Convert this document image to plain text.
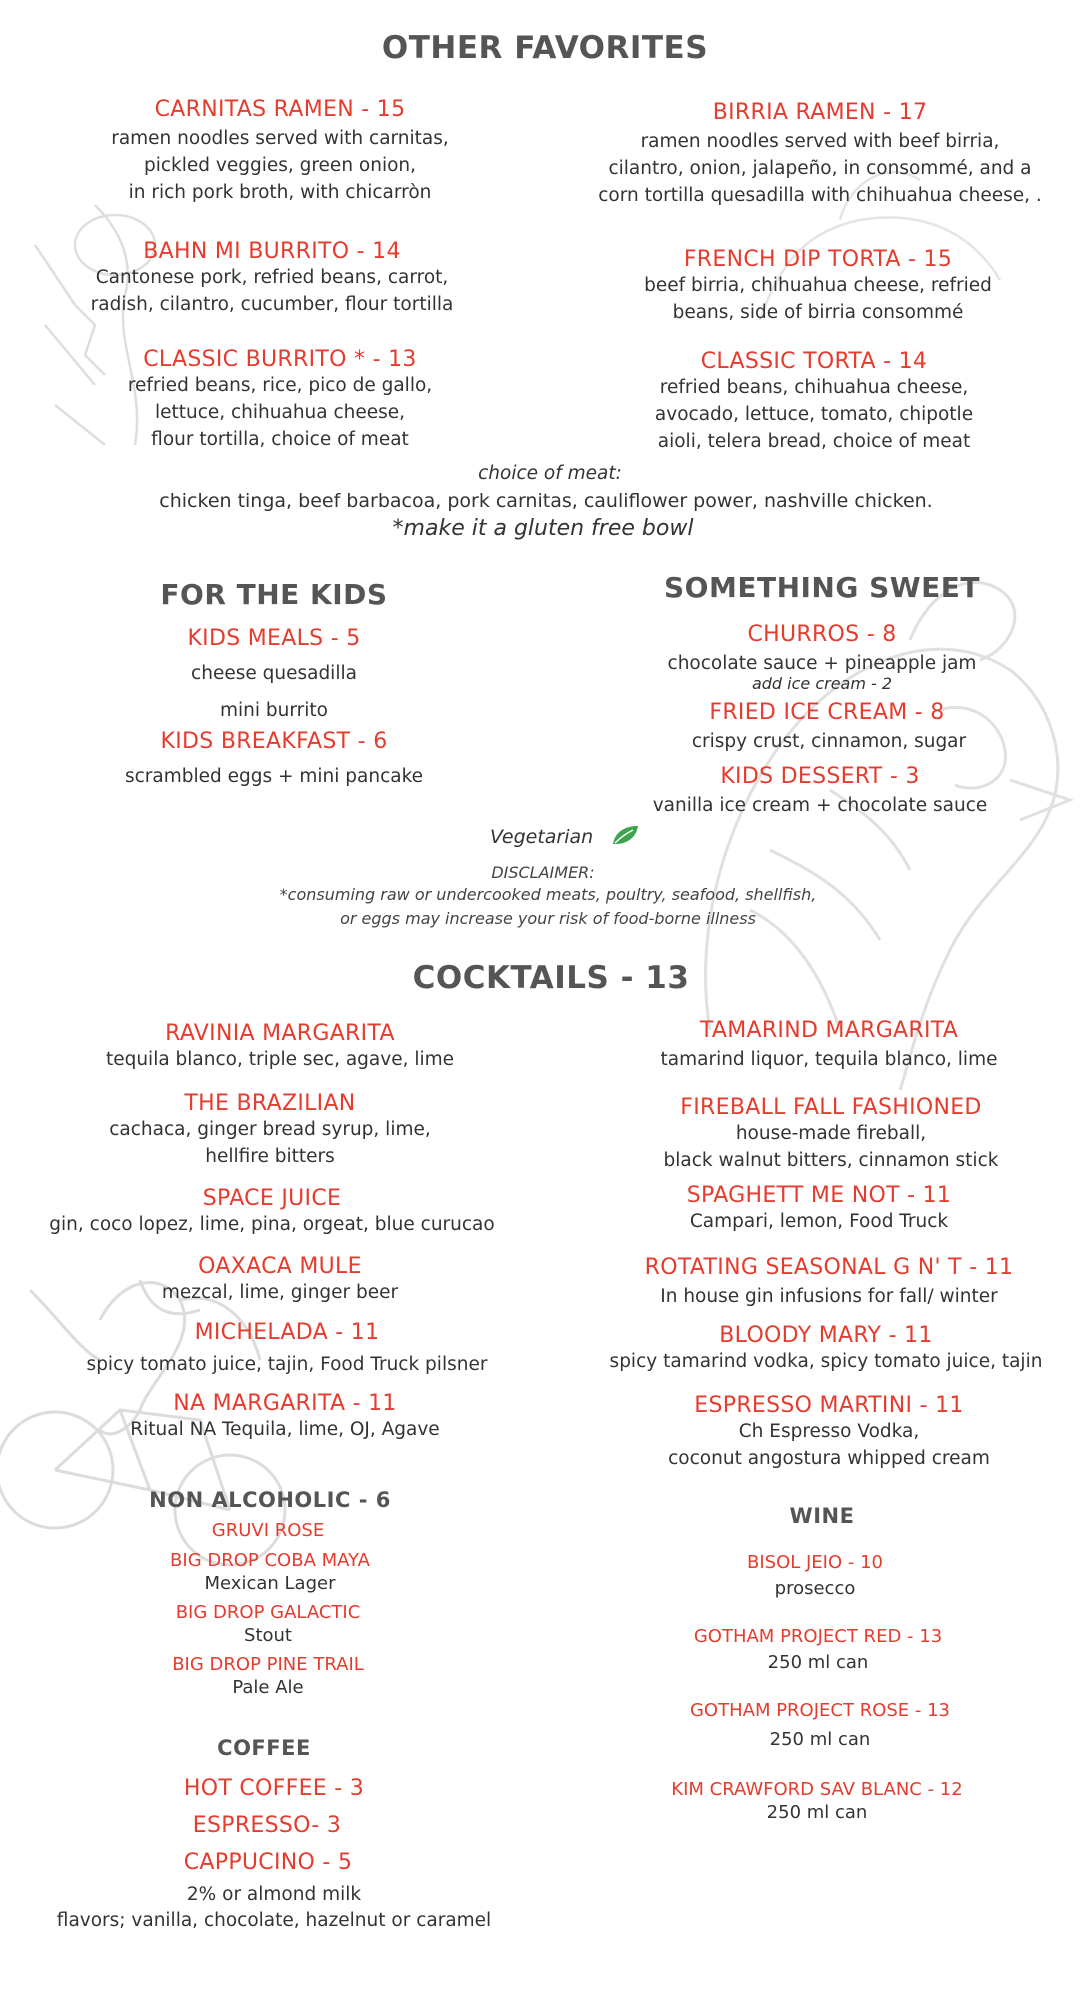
OTHER FAVORITES
CARNITAS RAMEN - 15
ramen noodles served with carnitas,
pickled veggies, green onion,
in rich pork broth, with chicarròn
BIRRIA RAMEN - 17
ramen noodles served with beef birria,
cilantro, onion, jalapeño, in consommé, and a
corn tortilla quesadilla with chihuahua cheese, .
BAHN MI BURRITO - 14
Cantonese pork, refried beans, carrot,
radish, cilantro, cucumber, flour tortilla
FRENCH DIP TORTA - 15
beef birria, chihuahua cheese, refried
beans, side of birria consommé
CLASSIC BURRITO * - 13
refried beans, rice, pico de gallo,
lettuce, chihuahua cheese,
flour tortilla, choice of meat
CLASSIC TORTA - 14
refried beans, chihuahua cheese,
avocado, lettuce, tomato, chipotle
aioli, telera bread, choice of meat
choice of meat:
chicken tinga, beef barbacoa, pork carnitas, cauliflower power, nashville chicken.
*make it a gluten free bowl
FOR THE KIDS
KIDS MEALS - 5
cheese quesadilla
mini burrito
KIDS BREAKFAST - 6
scrambled eggs + mini pancake
SOMETHING SWEET
CHURROS - 8
chocolate sauce + pineapple jam
add ice cream - 2
FRIED ICE CREAM - 8
crispy crust, cinnamon, sugar
KIDS DESSERT - 3
vanilla ice cream + chocolate sauce
Vegetarian
DISCLAIMER:
*consuming raw or undercooked meats, poultry, seafood, shellfish,
or eggs may increase your risk of food-borne illness
COCKTAILS - 13
RAVINIA MARGARITA
tequila blanco, triple sec, agave, lime
THE BRAZILIAN
cachaca, ginger bread syrup, lime,
hellfire bitters
SPACE JUICE
gin, coco lopez, lime, pina, orgeat, blue curucao
OAXACA MULE
mezcal, lime, ginger beer
MICHELADA - 11
spicy tomato juice, tajin, Food Truck pilsner
NA MARGARITA - 11
Ritual NA Tequila, lime, OJ, Agave
TAMARIND MARGARITA
tamarind liquor, tequila blanco, lime
FIREBALL FALL FASHIONED
house-made fireball,
black walnut bitters, cinnamon stick
SPAGHETT ME NOT - 11
Campari, lemon, Food Truck
ROTATING SEASONAL G N' T - 11
In house gin infusions for fall/ winter
BLOODY MARY - 11
spicy tamarind vodka, spicy tomato juice, tajin
ESPRESSO MARTINI - 11
Ch Espresso Vodka,
coconut angostura whipped cream
NON ALCOHOLIC - 6
GRUVI ROSE
BIG DROP COBA MAYA
Mexican Lager
BIG DROP GALACTIC
Stout
BIG DROP PINE TRAIL
Pale Ale
COFFEE
HOT COFFEE - 3
ESPRESSO- 3
CAPPUCINO - 5
2% or almond milk
flavors; vanilla, chocolate, hazelnut or caramel
WINE
BISOL JEIO - 10
prosecco
GOTHAM PROJECT RED - 13
250 ml can
GOTHAM PROJECT ROSE - 13
250 ml can
KIM CRAWFORD SAV BLANC - 12
250 ml can
